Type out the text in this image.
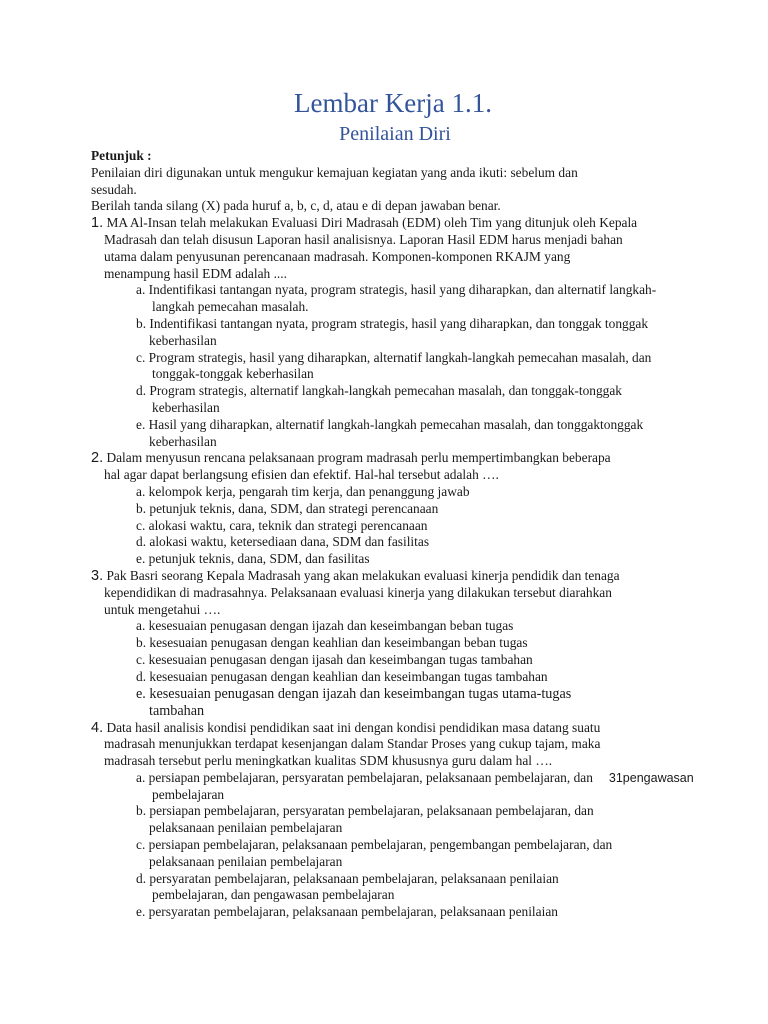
Lembar Kerja 1.1.
Penilaian Diri
Petunjuk :
Penilaian diri digunakan untuk mengukur kemajuan kegiatan yang anda ikuti: sebelum dan
sesudah.
Berilah tanda silang (X) pada huruf a, b, c, d, atau e di depan jawaban benar.
1. MA Al-Insan telah melakukan Evaluasi Diri Madrasah (EDM) oleh Tim yang ditunjuk oleh Kepala
Madrasah dan telah disusun Laporan hasil analisisnya. Laporan Hasil EDM harus menjadi bahan
utama dalam penyusunan perencanaan madrasah. Komponen-komponen RKAJM yang
menampung hasil EDM adalah ....
a. Indentifikasi tantangan nyata, program strategis, hasil yang diharapkan, dan alternatif langkah-
langkah pemecahan masalah.
b. Indentifikasi tantangan nyata, program strategis, hasil yang diharapkan, dan tonggak tonggak
keberhasilan
c. Program strategis, hasil yang diharapkan, alternatif langkah-langkah pemecahan masalah, dan
tonggak-tonggak keberhasilan
d. Program strategis, alternatif langkah-langkah pemecahan masalah, dan tonggak-tonggak
keberhasilan
e. Hasil yang diharapkan, alternatif langkah-langkah pemecahan masalah, dan tonggaktonggak
keberhasilan
2. Dalam menyusun rencana pelaksanaan program madrasah perlu mempertimbangkan beberapa
hal agar dapat berlangsung efisien dan efektif. Hal-hal tersebut adalah ….
a. kelompok kerja, pengarah tim kerja, dan penanggung jawab
b. petunjuk teknis, dana, SDM, dan strategi perencanaan
c. alokasi waktu, cara, teknik dan strategi perencanaan
d. alokasi waktu, ketersediaan dana, SDM dan fasilitas
e. petunjuk teknis, dana, SDM, dan fasilitas
3. Pak Basri seorang Kepala Madrasah yang akan melakukan evaluasi kinerja pendidik dan tenaga
kependidikan di madrasahnya. Pelaksanaan evaluasi kinerja yang dilakukan tersebut diarahkan
untuk mengetahui ….
a. kesesuaian penugasan dengan ijazah dan keseimbangan beban tugas
b. kesesuaian penugasan dengan keahlian dan keseimbangan beban tugas
c. kesesuaian penugasan dengan ijasah dan keseimbangan tugas tambahan
d. kesesuaian penugasan dengan keahlian dan keseimbangan tugas tambahan
e. kesesuaian penugasan dengan ijazah dan keseimbangan tugas utama-tugas
tambahan
4. Data hasil analisis kondisi pendidikan saat ini dengan kondisi pendidikan masa datang suatu
madrasah menunjukkan terdapat kesenjangan dalam Standar Proses yang cukup tajam, maka
madrasah tersebut perlu meningkatkan kualitas SDM khususnya guru dalam hal ….
a. persiapan pembelajaran, persyaratan pembelajaran, pelaksanaan pembelajaran, dan 31pengawasan
pembelajaran
b. persiapan pembelajaran, persyaratan pembelajaran, pelaksanaan pembelajaran, dan
pelaksanaan penilaian pembelajaran
c. persiapan pembelajaran, pelaksanaan pembelajaran, pengembangan pembelajaran, dan
pelaksanaan penilaian pembelajaran
d. persyaratan pembelajaran, pelaksanaan pembelajaran, pelaksanaan penilaian
pembelajaran, dan pengawasan pembelajaran
e. persyaratan pembelajaran, pelaksanaan pembelajaran, pelaksanaan penilaian
